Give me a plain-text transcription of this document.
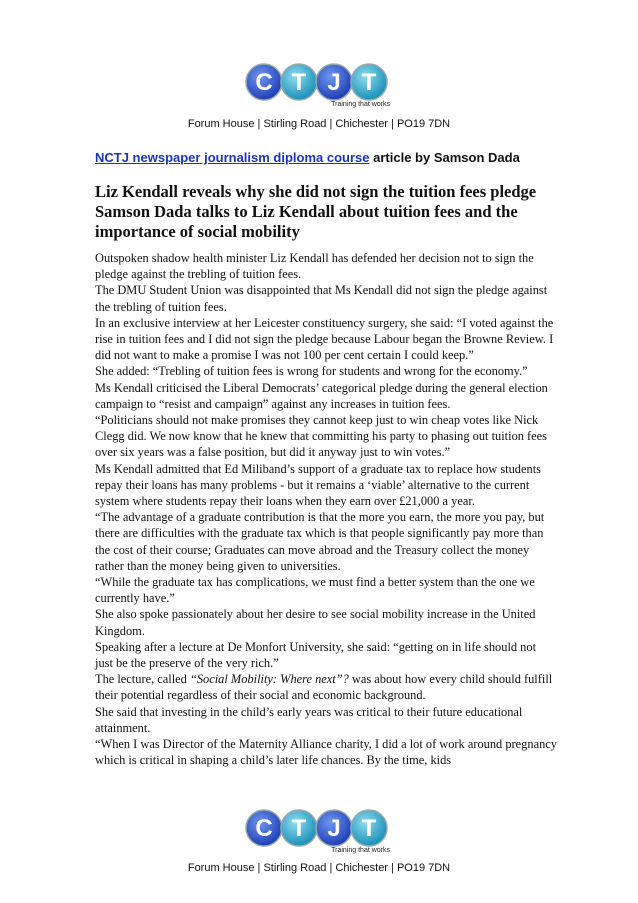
C T J T
Training that works
Forum House | Stirling Road | Chichester | PO19 7DN
NCTJ newspaper journalism diploma course article by Samson Dada
Liz Kendall reveals why she did not sign the tuition fees pledge
Samson Dada talks to Liz Kendall about tuition fees and the importance of social mobility

Outspoken shadow health minister Liz Kendall has defended her decision not to sign the pledge against the trebling of tuition fees.

The DMU Student Union was disappointed that Ms Kendall did not sign the pledge against the trebling of tuition fees.

In an exclusive interview at her Leicester constituency surgery, she said: “I voted against the rise in tuition fees and I did not sign the pledge because Labour began the Browne Review. I did not want to make a promise I was not 100 per cent certain I could keep.”

She added: “Trebling of tuition fees is wrong for students and wrong for the economy.”

Ms Kendall criticised the Liberal Democrats’ categorical pledge during the general election campaign to “resist and campaign” against any increases in tuition fees.

“Politicians should not make promises they cannot keep just to win cheap votes like Nick Clegg did. We now know that he knew that committing his party to phasing out tuition fees over six years was a false position, but did it anyway just to win votes.”

Ms Kendall admitted that Ed Miliband’s support of a graduate tax to replace how students repay their loans has many problems - but it remains a ‘viable’ alternative to the current system where students repay their loans when they earn over £21,000 a year.

“The advantage of a graduate contribution is that the more you earn, the more you pay, but there are difficulties with the graduate tax which is that people significantly pay more than the cost of their course; Graduates can move abroad and the Treasury collect the money rather than the money being given to universities.

“While the graduate tax has complications, we must find a better system than the one we currently have.”

She also spoke passionately about her desire to see social mobility increase in the United Kingdom.

Speaking after a lecture at De Monfort University, she said: “getting on in life should not just be the preserve of the very rich.”

The lecture, called “Social Mobility: Where next”? was about how every child should fulfill their potential regardless of their social and economic background.

She said that investing in the child’s early years was critical to their future educational attainment.

“When I was Director of the Maternity Alliance charity, I did a lot of work around pregnancy which is critical in shaping a child’s later life chances. By the time, kids

C T J T
Training that works
Forum House | Stirling Road | Chichester | PO19 7DN
